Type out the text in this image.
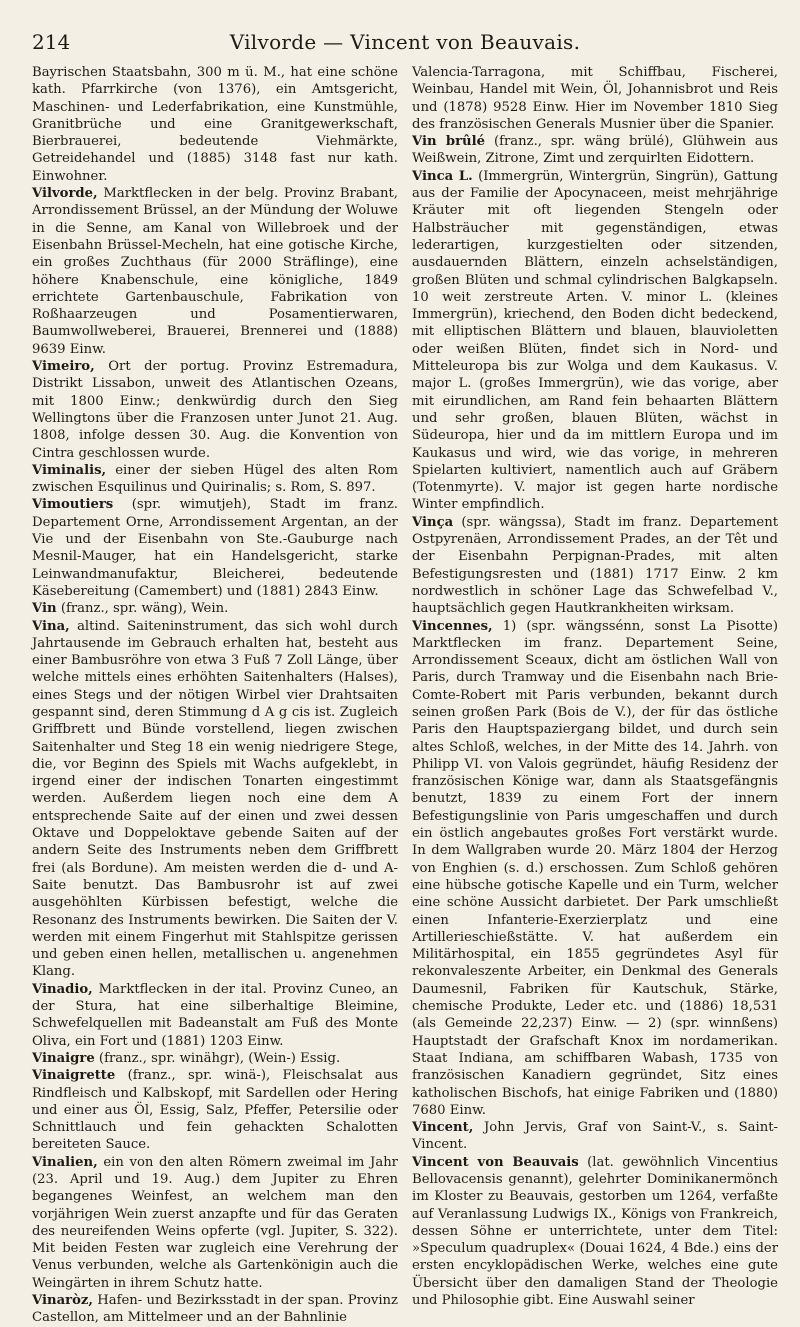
214	Vilvorde — Vincent von Beauvais.

Bayrischen Staatsbahn, 300 m ü. M., hat eine schöne kath. Pfarrkirche (von 1376), ein Amtsgericht, Maschinen- und Lederfabrikation, eine Kunstmühle, Granitbrüche und eine Granitgewerkschaft, Bierbrauerei, bedeutende Viehmärkte, Getreidehandel und (1885) 3148 fast nur kath. Einwohner.

Vilvorde, Marktflecken in der belg. Provinz Brabant, Arrondissement Brüssel, an der Mündung der Woluwe in die Senne, am Kanal von Willebroek und der Eisenbahn Brüssel-Mecheln, hat eine gotische Kirche, ein großes Zuchthaus (für 2000 Sträflinge), eine höhere Knabenschule, eine königliche, 1849 errichtete Gartenbauschule, Fabrikation von Roßhaarzeugen und Posamentierwaren, Baumwollweberei, Brauerei, Brennerei und (1888) 9639 Einw.

Vimeiro, Ort der portug. Provinz Estremadura, Distrikt Lissabon, unweit des Atlantischen Ozeans, mit 1800 Einw.; denkwürdig durch den Sieg Wellingtons über die Franzosen unter Junot 21. Aug. 1808, infolge dessen 30. Aug. die Konvention von Cintra geschlossen wurde.

Viminalis, einer der sieben Hügel des alten Rom zwischen Esquilinus und Quirinalis; s. Rom, S. 897.

Vimoutiers (spr. wimutjeh), Stadt im franz. Departement Orne, Arrondissement Argentan, an der Vie und der Eisenbahn von Ste.-Gauburge nach Mesnil-Mauger, hat ein Handelsgericht, starke Leinwandmanufaktur, Bleicherei, bedeutende Käsebereitung (Camembert) und (1881) 2843 Einw.

Vin (franz., spr. wäng), Wein.

Vina, altind. Saiteninstrument, das sich wohl durch Jahrtausende im Gebrauch erhalten hat, besteht aus einer Bambusröhre von etwa 3 Fuß 7 Zoll Länge, über welche mittels eines erhöhten Saitenhalters (Halses), eines Stegs und der nötigen Wirbel vier Drahtsaiten gespannt sind, deren Stimmung d A g cis ist. Zugleich Griffbrett und Bünde vorstellend, liegen zwischen Saitenhalter und Steg 18 ein wenig niedrigere Stege, die, vor Beginn des Spiels mit Wachs aufgeklebt, in irgend einer der indischen Tonarten eingestimmt werden. Außerdem liegen noch eine dem A entsprechende Saite auf der einen und zwei dessen Oktave und Doppeloktave gebende Saiten auf der andern Seite des Instruments neben dem Griffbrett frei (als Bordune). Am meisten werden die d- und A-Saite benutzt. Das Bambusrohr ist auf zwei ausgehöhlten Kürbissen befestigt, welche die Resonanz des Instruments bewirken. Die Saiten der V. werden mit einem Fingerhut mit Stahlspitze gerissen und geben einen hellen, metallischen u. angenehmen Klang.

Vinadio, Marktflecken in der ital. Provinz Cuneo, an der Stura, hat eine silberhaltige Bleimine, Schwefelquellen mit Badeanstalt am Fuß des Monte Oliva, ein Fort und (1881) 1203 Einw.

Vinaigre (franz., spr. winähgr), (Wein-) Essig.

Vinaigrette (franz., spr. winä-), Fleischsalat aus Rindfleisch und Kalbskopf, mit Sardellen oder Hering und einer aus Öl, Essig, Salz, Pfeffer, Petersilie oder Schnittlauch und fein gehackten Schalotten bereiteten Sauce.

Vinalien, ein von den alten Römern zweimal im Jahr (23. April und 19. Aug.) dem Jupiter zu Ehren begangenes Weinfest, an welchem man den vorjährigen Wein zuerst anzapfte und für das Geraten des neureifenden Weins opferte (vgl. Jupiter, S. 322). Mit beiden Festen war zugleich eine Verehrung der Venus verbunden, welche als Gartenkönigin auch die Weingärten in ihrem Schutz hatte.

Vinaròz, Hafen- und Bezirksstadt in der span. Provinz Castellon, am Mittelmeer und an der Bahnlinie

Valencia-Tarragona, mit Schiffbau, Fischerei, Weinbau, Handel mit Wein, Öl, Johannisbrot und Reis und (1878) 9528 Einw. Hier im November 1810 Sieg des französischen Generals Musnier über die Spanier.

Vin brûlé (franz., spr. wäng brülé), Glühwein aus Weißwein, Zitrone, Zimt und zerquirlten Eidottern.

Vinca L. (Immergrün, Wintergrün, Singrün), Gattung aus der Familie der Apocynaceen, meist mehrjährige Kräuter mit oft liegenden Stengeln oder Halbsträucher mit gegenständigen, etwas lederartigen, kurzgestielten oder sitzenden, ausdauernden Blättern, einzeln achselständigen, großen Blüten und schmal cylindrischen Balgkapseln. 10 weit zerstreute Arten. V. minor L. (kleines Immergrün), kriechend, den Boden dicht bedeckend, mit elliptischen Blättern und blauen, blauvioletten oder weißen Blüten, findet sich in Nord- und Mitteleuropa bis zur Wolga und dem Kaukasus. V. major L. (großes Immergrün), wie das vorige, aber mit eirundlichen, am Rand fein behaarten Blättern und sehr großen, blauen Blüten, wächst in Südeuropa, hier und da im mittlern Europa und im Kaukasus und wird, wie das vorige, in mehreren Spielarten kultiviert, namentlich auch auf Gräbern (Totenmyrte). V. major ist gegen harte nordische Winter empfindlich.

Vinça (spr. wängssa), Stadt im franz. Departement Ostpyrenäen, Arrondissement Prades, an der Têt und der Eisenbahn Perpignan-Prades, mit alten Befestigungsresten und (1881) 1717 Einw. 2 km nordwestlich in schöner Lage das Schwefelbad V., hauptsächlich gegen Hautkrankheiten wirksam.

Vincennes, 1) (spr. wängssénn, sonst La Pisotte) Marktflecken im franz. Departement Seine, Arrondissement Sceaux, dicht am östlichen Wall von Paris, durch Tramway und die Eisenbahn nach Brie-Comte-Robert mit Paris verbunden, bekannt durch seinen großen Park (Bois de V.), der für das östliche Paris den Hauptspaziergang bildet, und durch sein altes Schloß, welches, in der Mitte des 14. Jahrh. von Philipp VI. von Valois gegründet, häufig Residenz der französischen Könige war, dann als Staatsgefängnis benutzt, 1839 zu einem Fort der innern Befestigungslinie von Paris umgeschaffen und durch ein östlich angebautes großes Fort verstärkt wurde. In dem Wallgraben wurde 20. März 1804 der Herzog von Enghien (s. d.) erschossen. Zum Schloß gehören eine hübsche gotische Kapelle und ein Turm, welcher eine schöne Aussicht darbietet. Der Park umschließt einen Infanterie-Exerzierplatz und eine Artillerieschießstätte. V. hat außerdem ein Militärhospital, ein 1855 gegründetes Asyl für rekonvaleszente Arbeiter, ein Denkmal des Generals Daumesnil, Fabriken für Kautschuk, Stärke, chemische Produkte, Leder etc. und (1886) 18,531 (als Gemeinde 22,237) Einw. — 2) (spr. winnßens) Hauptstadt der Grafschaft Knox im nordamerikan. Staat Indiana, am schiffbaren Wabash, 1735 von französischen Kanadiern gegründet, Sitz eines katholischen Bischofs, hat einige Fabriken und (1880) 7680 Einw.

Vincent, John Jervis, Graf von Saint-V., s. Saint-Vincent.

Vincent von Beauvais (lat. gewöhnlich Vincentius Bellovacensis genannt), gelehrter Dominikanermönch im Kloster zu Beauvais, gestorben um 1264, verfaßte auf Veranlassung Ludwigs IX., Königs von Frankreich, dessen Söhne er unterrichtete, unter dem Titel: »Speculum quadruplex« (Douai 1624, 4 Bde.) eins der ersten encyklopädischen Werke, welches eine gute Übersicht über den damaligen Stand der Theologie und Philosophie gibt. Eine Auswahl seiner
